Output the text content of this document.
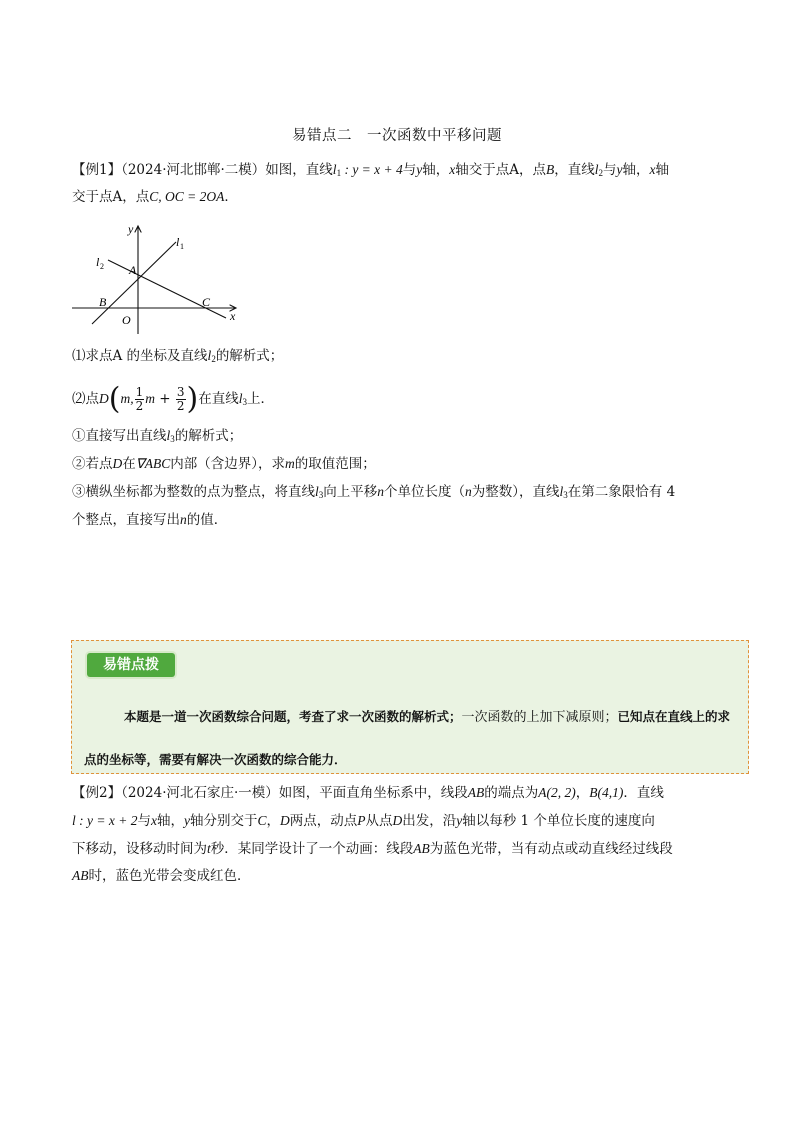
易错点二　一次函数中平移问题
【例1】（2024·河北邯郸·二模）如图，直线$l_1$ : y = x + 4与y轴，x轴交于点A，点B，直线$l_2$与y轴，x轴
交于点A，点C, OC = 2OA．
y
x
l 1
l 2 A
B	C
O
⑴求点A 的坐标及直线$l_2$的解析式；
⑵点D(m, $\frac{1}{2}$ $m + \frac{3}{2}$ )在直线$l_3$上．
①直接写出直线$l_3$的解析式；
②若点D在∇ABC内部（含边界），求m的取值范围；
③横纵坐标都为整数的点为整点，将直线$l_3$向上平移n个单位长度（n为整数），直线$l_3$在第二象限恰有 4
个整点，直接写出n的值．
易错点拨
本题是一道一次函数综合问题，考查了求一次函数的解析式；一次函数的上加下减原则；已知点在直线上的求点的坐标等，需要有解决一次函数的综合能力．
【例2】（2024·河北石家庄·一模）如图，平面直角坐标系中，线段AB的端点为A(2, 2)，B(4,1)．直线
l : y = x + 2与x轴，y轴分别交于C，D两点，动点P从点D出发，沿y轴以每秒 1 个单位长度的速度向
下移动，设移动时间为t秒．某同学设计了一个动画：线段AB为蓝色光带，当有动点或动直线经过线段
AB时，蓝色光带会变成红色．
